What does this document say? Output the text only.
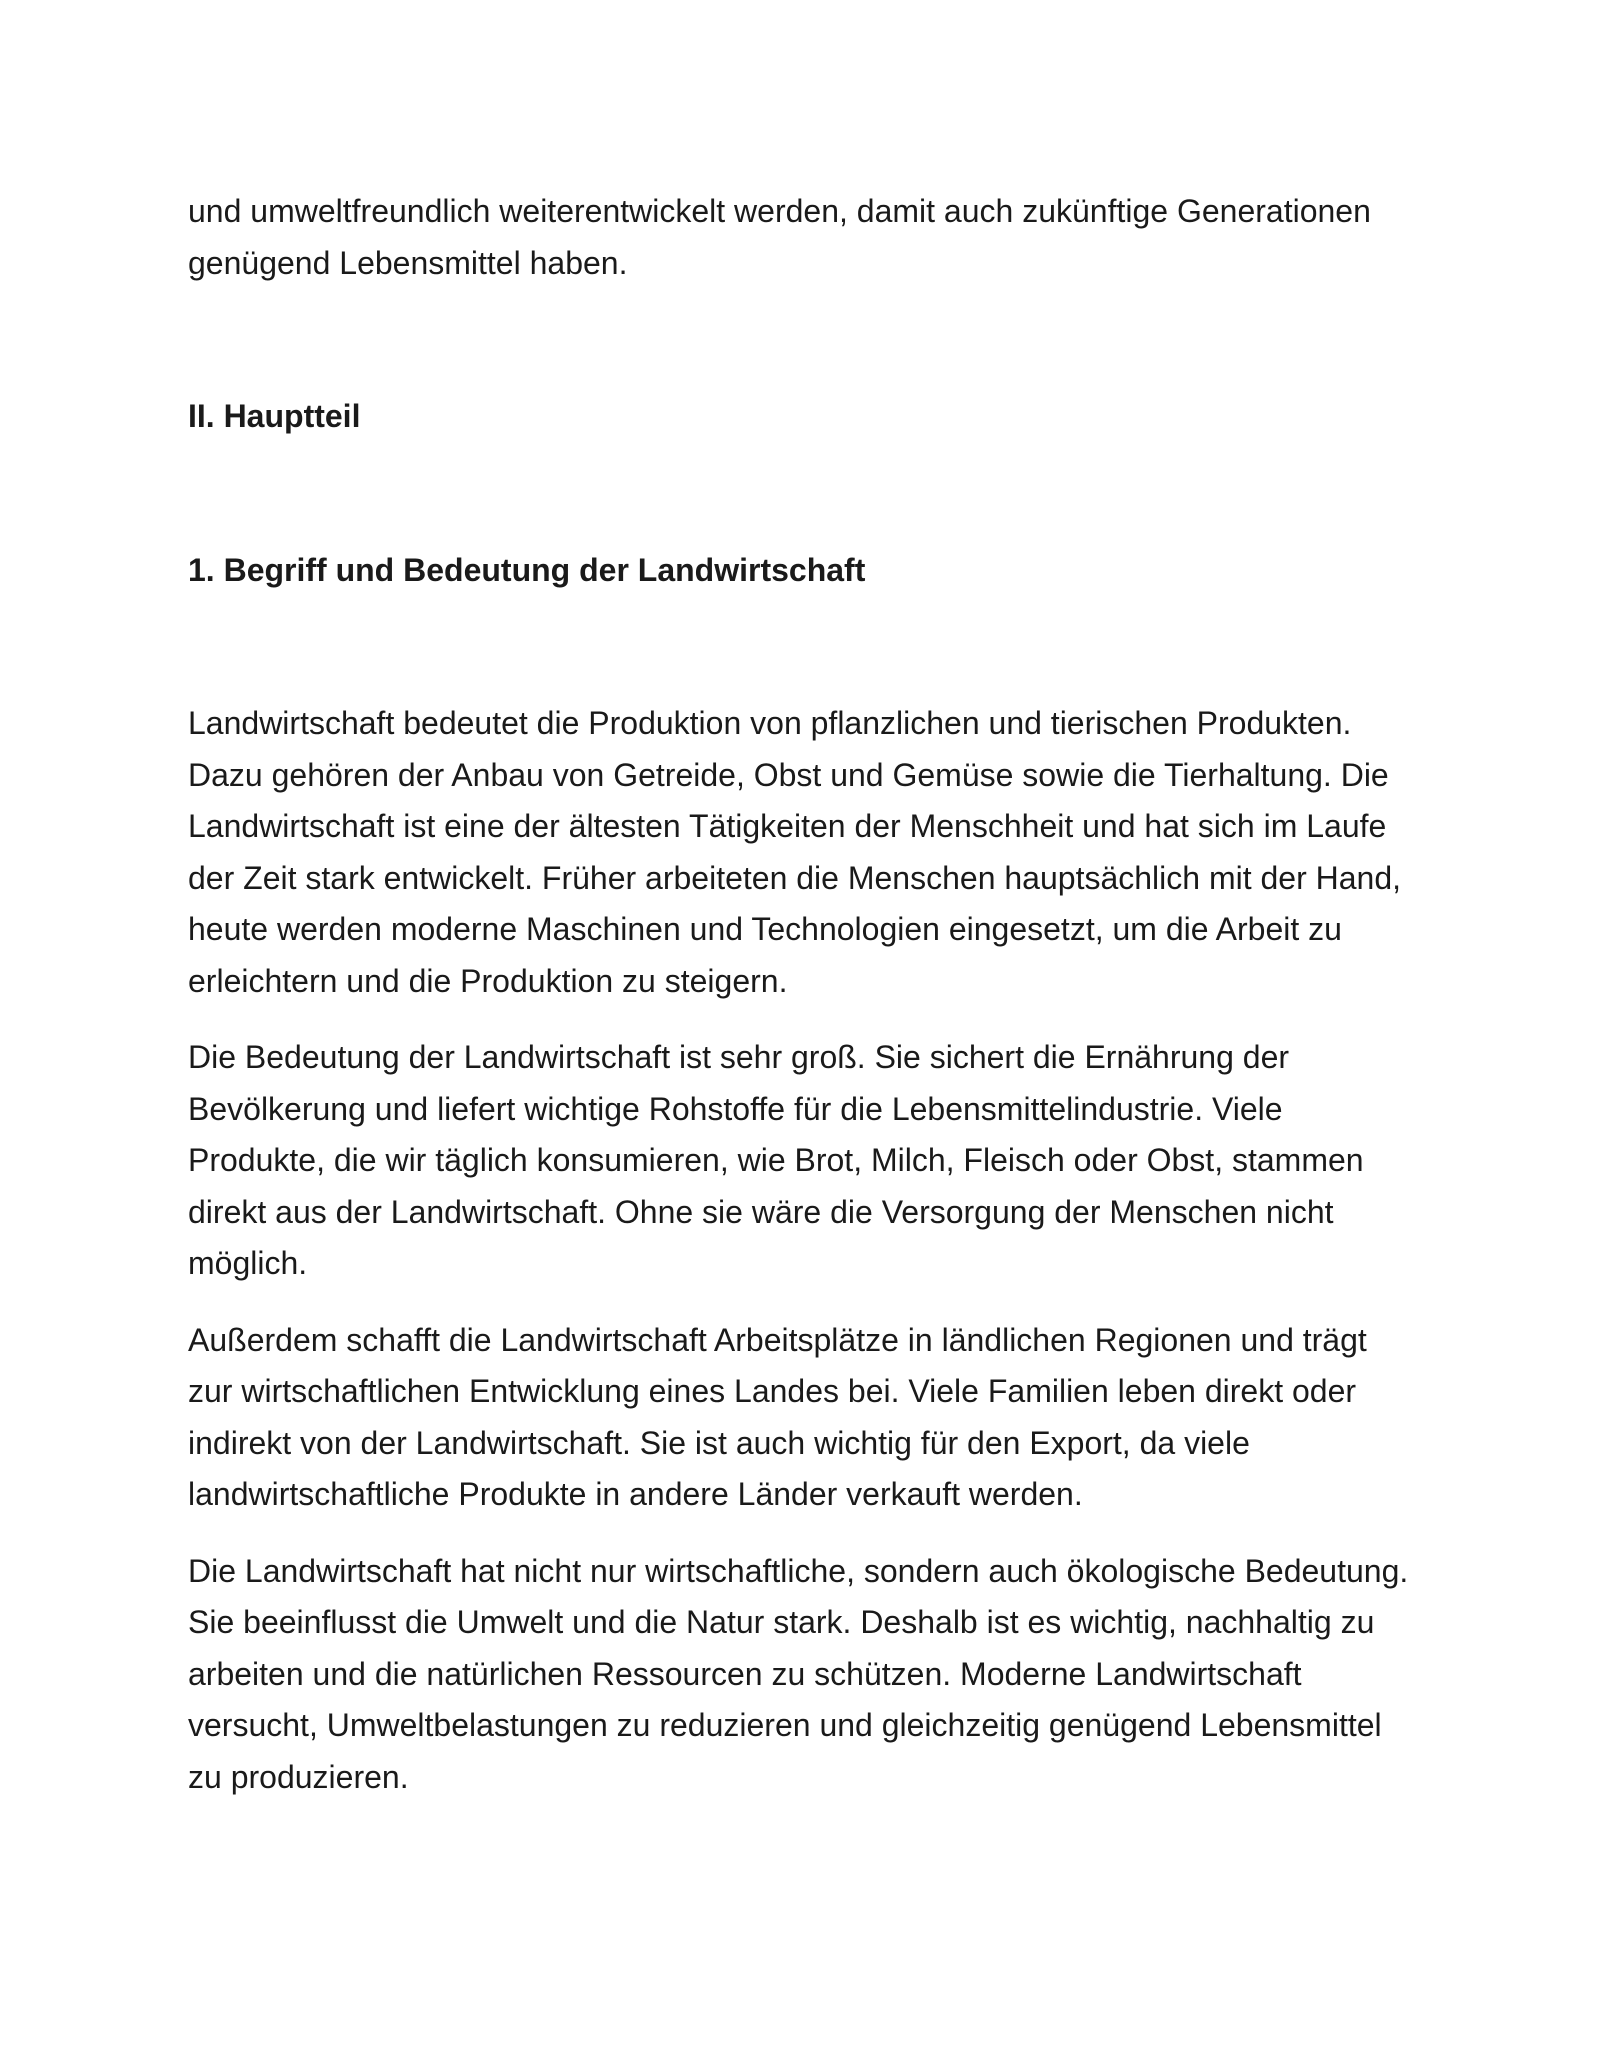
und umweltfreundlich weiterentwickelt werden, damit auch zukünftige Generationen genügend Lebensmittel haben.

II. Hauptteil

1. Begriff und Bedeutung der Landwirtschaft

Landwirtschaft bedeutet die Produktion von pflanzlichen und tierischen Produkten. Dazu gehören der Anbau von Getreide, Obst und Gemüse sowie die Tierhaltung. Die Landwirtschaft ist eine der ältesten Tätigkeiten der Menschheit und hat sich im Laufe der Zeit stark entwickelt. Früher arbeiteten die Menschen hauptsächlich mit der Hand, heute werden moderne Maschinen und Technologien eingesetzt, um die Arbeit zu erleichtern und die Produktion zu steigern.

Die Bedeutung der Landwirtschaft ist sehr groß. Sie sichert die Ernährung der Bevölkerung und liefert wichtige Rohstoffe für die Lebensmittelindustrie. Viele Produkte, die wir täglich konsumieren, wie Brot, Milch, Fleisch oder Obst, stammen direkt aus der Landwirtschaft. Ohne sie wäre die Versorgung der Menschen nicht möglich.

Außerdem schafft die Landwirtschaft Arbeitsplätze in ländlichen Regionen und trägt zur wirtschaftlichen Entwicklung eines Landes bei. Viele Familien leben direkt oder indirekt von der Landwirtschaft. Sie ist auch wichtig für den Export, da viele landwirtschaftliche Produkte in andere Länder verkauft werden.

Die Landwirtschaft hat nicht nur wirtschaftliche, sondern auch ökologische Bedeutung. Sie beeinflusst die Umwelt und die Natur stark. Deshalb ist es wichtig, nachhaltig zu arbeiten und die natürlichen Ressourcen zu schützen. Moderne Landwirtschaft versucht, Umweltbelastungen zu reduzieren und gleichzeitig genügend Lebensmittel zu produzieren.
